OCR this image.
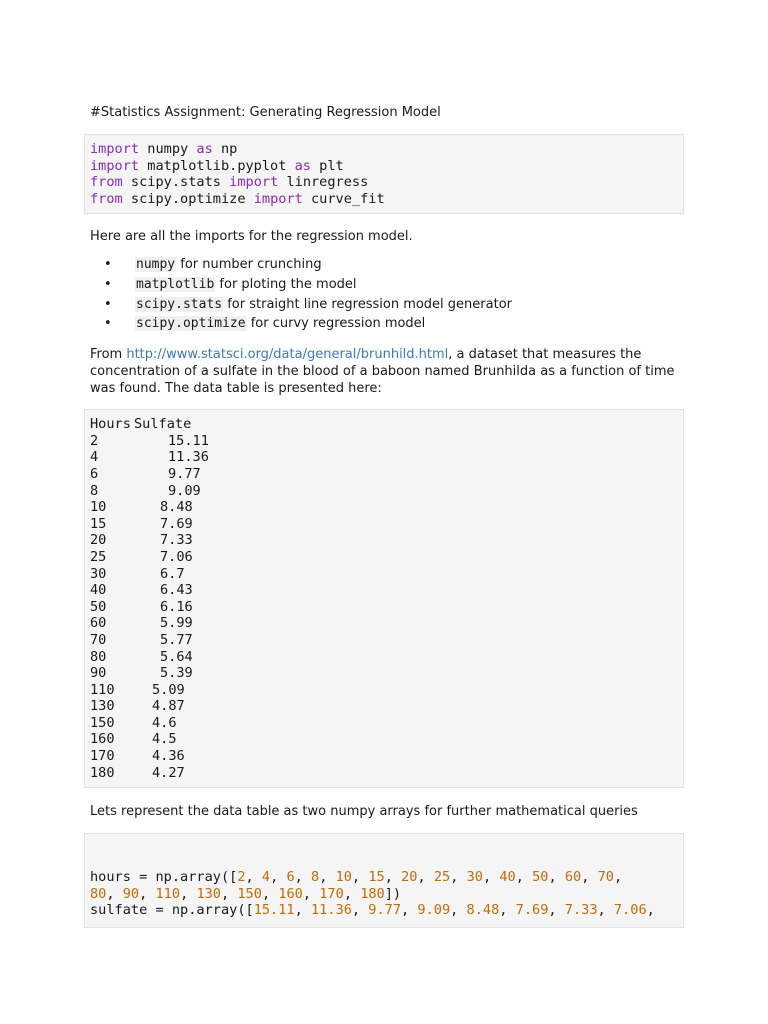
#Statistics Assignment: Generating Regression Model
import numpy as np
import matplotlib.pyplot as plt
from scipy.stats import linregress
from scipy.optimize import curve_fit

Here are all the imports for the regression model.

• numpy for number crunching
• matplotlib for ploting the model
• scipy.stats for straight line regression model generator
• scipy.optimize for curvy regression model

From http://www.statsci.org/data/general/brunhild.html, a dataset that measures the concentration of a sulfate in the blood of a baboon named Brunhilda as a function of time was found. The data table is presented here:

Hours Sulfate
2	15.11
4	11.36
6	9.77
8	9.09
10	8.48
15	7.69
20	7.33
25	7.06
30	6.7
40	6.43
50	6.16
60	5.99
70	5.77
80	5.64
90	5.39
110	5.09
130	4.87
150	4.6
160	4.5
170	4.36
180	4.27

Lets represent the data table as two numpy arrays for further mathematical queries

hours = np.array([2, 4, 6, 8, 10, 15, 20, 25, 30, 40, 50, 60, 70,
80, 90, 110, 130, 150, 160, 170, 180])
sulfate = np.array([15.11, 11.36, 9.77, 9.09, 8.48, 7.69, 7.33, 7.06,
